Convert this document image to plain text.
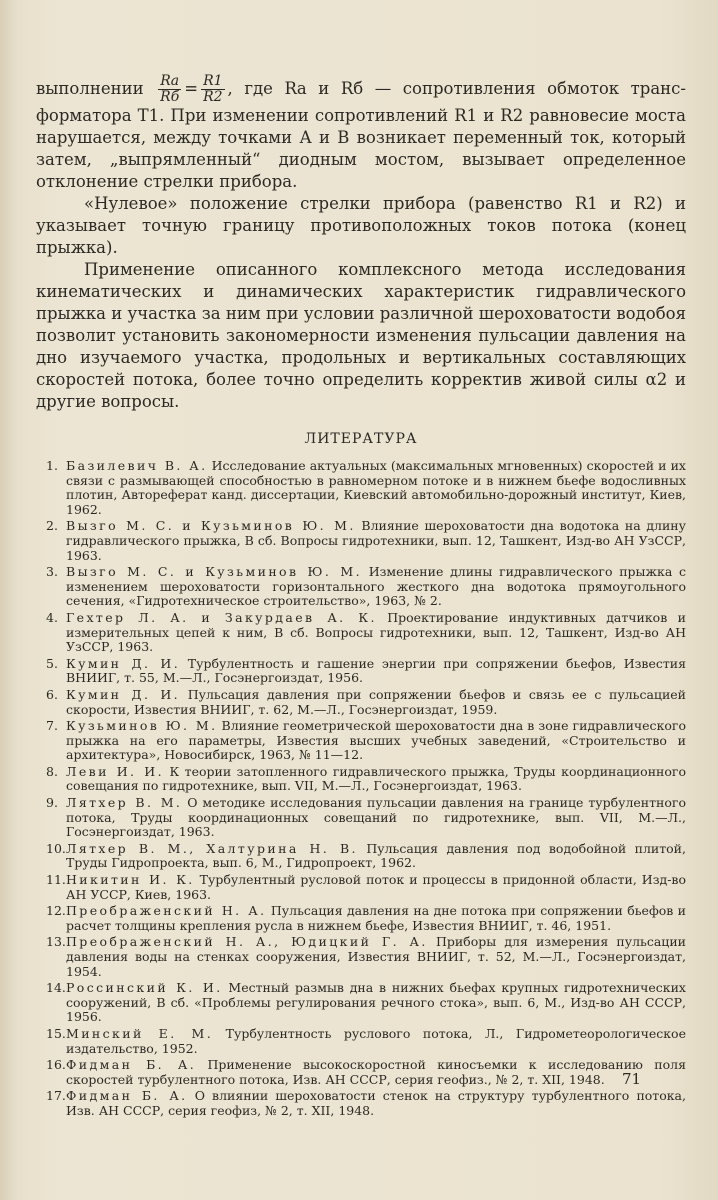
выполнении $\frac{Rа}{Rб} = \frac{R1}{R2}$ , где Rа и Rб — сопротивления обмоток транс- форматора Т1. При изменении сопротивлений R1 и R2 равновесие моста нарушается, между точками А и В возникает переменный ток, который затем, „выпрямленный“ диодным мостом, вызывает определенное отклонение стрелки прибора.

«Нулевое» положение стрелки прибора (равенство R1 и R2) и указывает точную границу противоположных токов потока (конец прыжка).

Применение описанного комплексного метода исследования кинематических и динамических характеристик гидравлического прыжка и участка за ним при условии различной шероховатости водобоя позволит установить закономерности изменения пульсации давления на дно изучаемого участка, продольных и вертикальных составляющих скоростей потока, более точно определить корректив живой силы α2 и другие вопросы.

ЛИТЕРАТУРА
1. Базилевич В. А. Исследование актуальных (максимальных мгновенных) скоростей и их связи с размывающей способностью в равномерном потоке и в нижнем бьефе водосливных плотин, Автореферат канд. диссертации, Киевский автомобильно-дорожный институт, Киев, 1962.
2. Вызго М. С. и Кузьминов Ю. М. Влияние шероховатости дна водотока на длину гидравлического прыжка, В сб. Вопросы гидротехники, вып. 12, Ташкент, Изд-во АН УзССР, 1963.
3. Вызго М. С. и Кузьминов Ю. М. Изменение длины гидравлического прыжка с изменением шероховатости горизонтального жесткого дна водотока прямоугольного сечения, «Гидротехническое строительство», 1963, № 2.
4. Гехтер Л. А. и Закурдаев А. К. Проектирование индуктивных датчиков и измерительных цепей к ним, В сб. Вопросы гидротехники, вып. 12, Ташкент, Изд-во АН УзССР, 1963.
5. Кумин Д. И. Турбулентность и гашение энергии при сопряжении бьефов, Известия ВНИИГ, т. 55, М.—Л., Госэнергоиздат, 1956.
6. Кумин Д. И. Пульсация давления при сопряжении бьефов и связь ее с пульсацией скорости, Известия ВНИИГ, т. 62, М.—Л., Госэнергоиздат, 1959.
7. Кузьминов Ю. М. Влияние геометрической шероховатости дна в зоне гидравлического прыжка на его параметры, Известия высших учебных заведений, «Строительство и архитектура», Новосибирск, 1963, № 11—12.
8. Леви И. И. К теории затопленного гидравлического прыжка, Труды координационного совещания по гидротехнике, вып. VII, М.—Л., Госэнергоиздат, 1963.
9. Лятхер В. М. О методике исследования пульсации давления на границе турбулентного потока, Труды координационных совещаний по гидротехнике, вып. VII, М.—Л., Госэнергоиздат, 1963.
10. Лятхер В. М., Халтурина Н. В. Пульсация давления под водобойной плитой, Труды Гидропроекта, вып. 6, М., Гидропроект, 1962.
11. Никитин И. К. Турбулентный русловой поток и процессы в придонной области, Изд-во АН УССР, Киев, 1963.
12. Преображенский Н. А. Пульсация давления на дне потока при сопряжении бьефов и расчет толщины крепления русла в нижнем бьефе, Известия ВНИИГ, т. 46, 1951.
13. Преображенский Н. А., Юдицкий Г. А. Приборы для измерения пульсации давления воды на стенках сооружения, Известия ВНИИГ, т. 52, М.—Л., Госэнергоиздат, 1954.
14. Россинский К. И. Местный размыв дна в нижних бьефах крупных гидротехнических сооружений, В сб. «Проблемы регулирования речного стока», вып. 6, М., Изд-во АН СССР, 1956.
15. Минский Е. М. Турбулентность руслового потока, Л., Гидрометеорологическое издательство, 1952.
16. Фидман Б. А. Применение высокоскоростной киносъемки к исследованию поля скоростей турбулентного потока, Изв. АН СССР, серия геофиз., № 2, т. XII, 1948.
17. Фидман Б. А. О влиянии шероховатости стенок на структуру турбулентного потока, Изв. АН СССР, серия геофиз, № 2, т. XII, 1948.
71
